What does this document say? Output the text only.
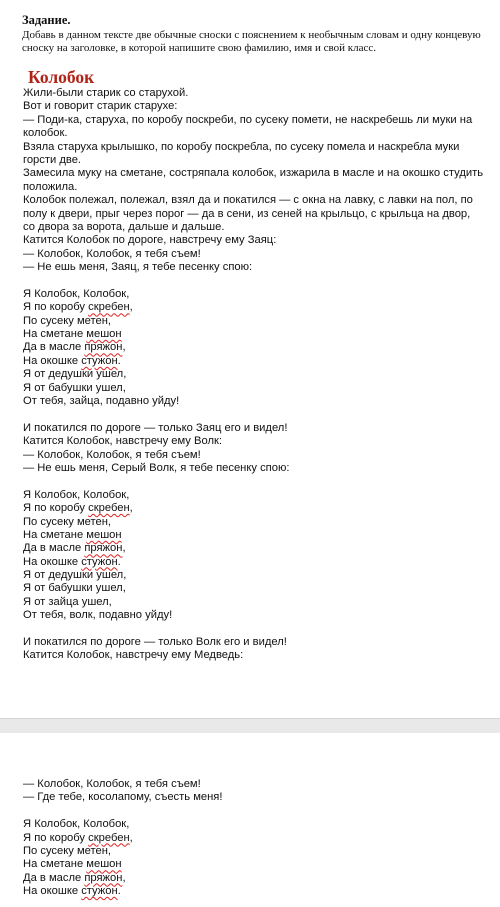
Задание.
Добавь в данном тексте две обычные сноски с пояснением к необычным словам и одну концевую
сноску на заголовке, в которой напишите свою фамилию, имя и свой класс.
Колобок
Жили-были старик со старухой.
Вот и говорит старик старухе:
— Поди-ка, старуха, по коробу поскреби, по сусеку помети, не наскребешь ли муки на
колобок.
Взяла старуха крылышко, по коробу поскребла, по сусеку помела и наскребла муки
горсти две.
Замесила муку на сметане, состряпала колобок, изжарила в масле и на окошко студить
положила.
Колобок полежал, полежал, взял да и покатился — с окна на лавку, с лавки на пол, по
полу к двери, прыг через порог — да в сени, из сеней на крыльцо, с крыльца на двор,
со двора за ворота, дальше и дальше.
Катится Колобок по дороге, навстречу ему Заяц:
— Колобок, Колобок, я тебя съем!
— Не ешь меня, Заяц, я тебе песенку спою:
Я Колобок, Колобок,
Я по коробу скребен,
По сусеку метен,
На сметане мешон
Да в масле пряжон,
На окошке стужон.
Я от дедушки ушел,
Я от бабушки ушел,
От тебя, зайца, подавно уйду!
И покатился по дороге — только Заяц его и видел!
Катится Колобок, навстречу ему Волк:
— Колобок, Колобок, я тебя съем!
— Не ешь меня, Серый Волк, я тебе песенку спою:
Я Колобок, Колобок,
Я по коробу скребен,
По сусеку метен,
На сметане мешон
Да в масле пряжон,
На окошке стужон.
Я от дедушки ушел,
Я от бабушки ушел,
Я от зайца ушел,
От тебя, волк, подавно уйду!
И покатился по дороге — только Волк его и видел!
Катится Колобок, навстречу ему Медведь:
— Колобок, Колобок, я тебя съем!
— Где тебе, косолапому, съесть меня!
Я Колобок, Колобок,
Я по коробу скребен,
По сусеку метен,
На сметане мешон
Да в масле пряжон,
На окошке стужон.
